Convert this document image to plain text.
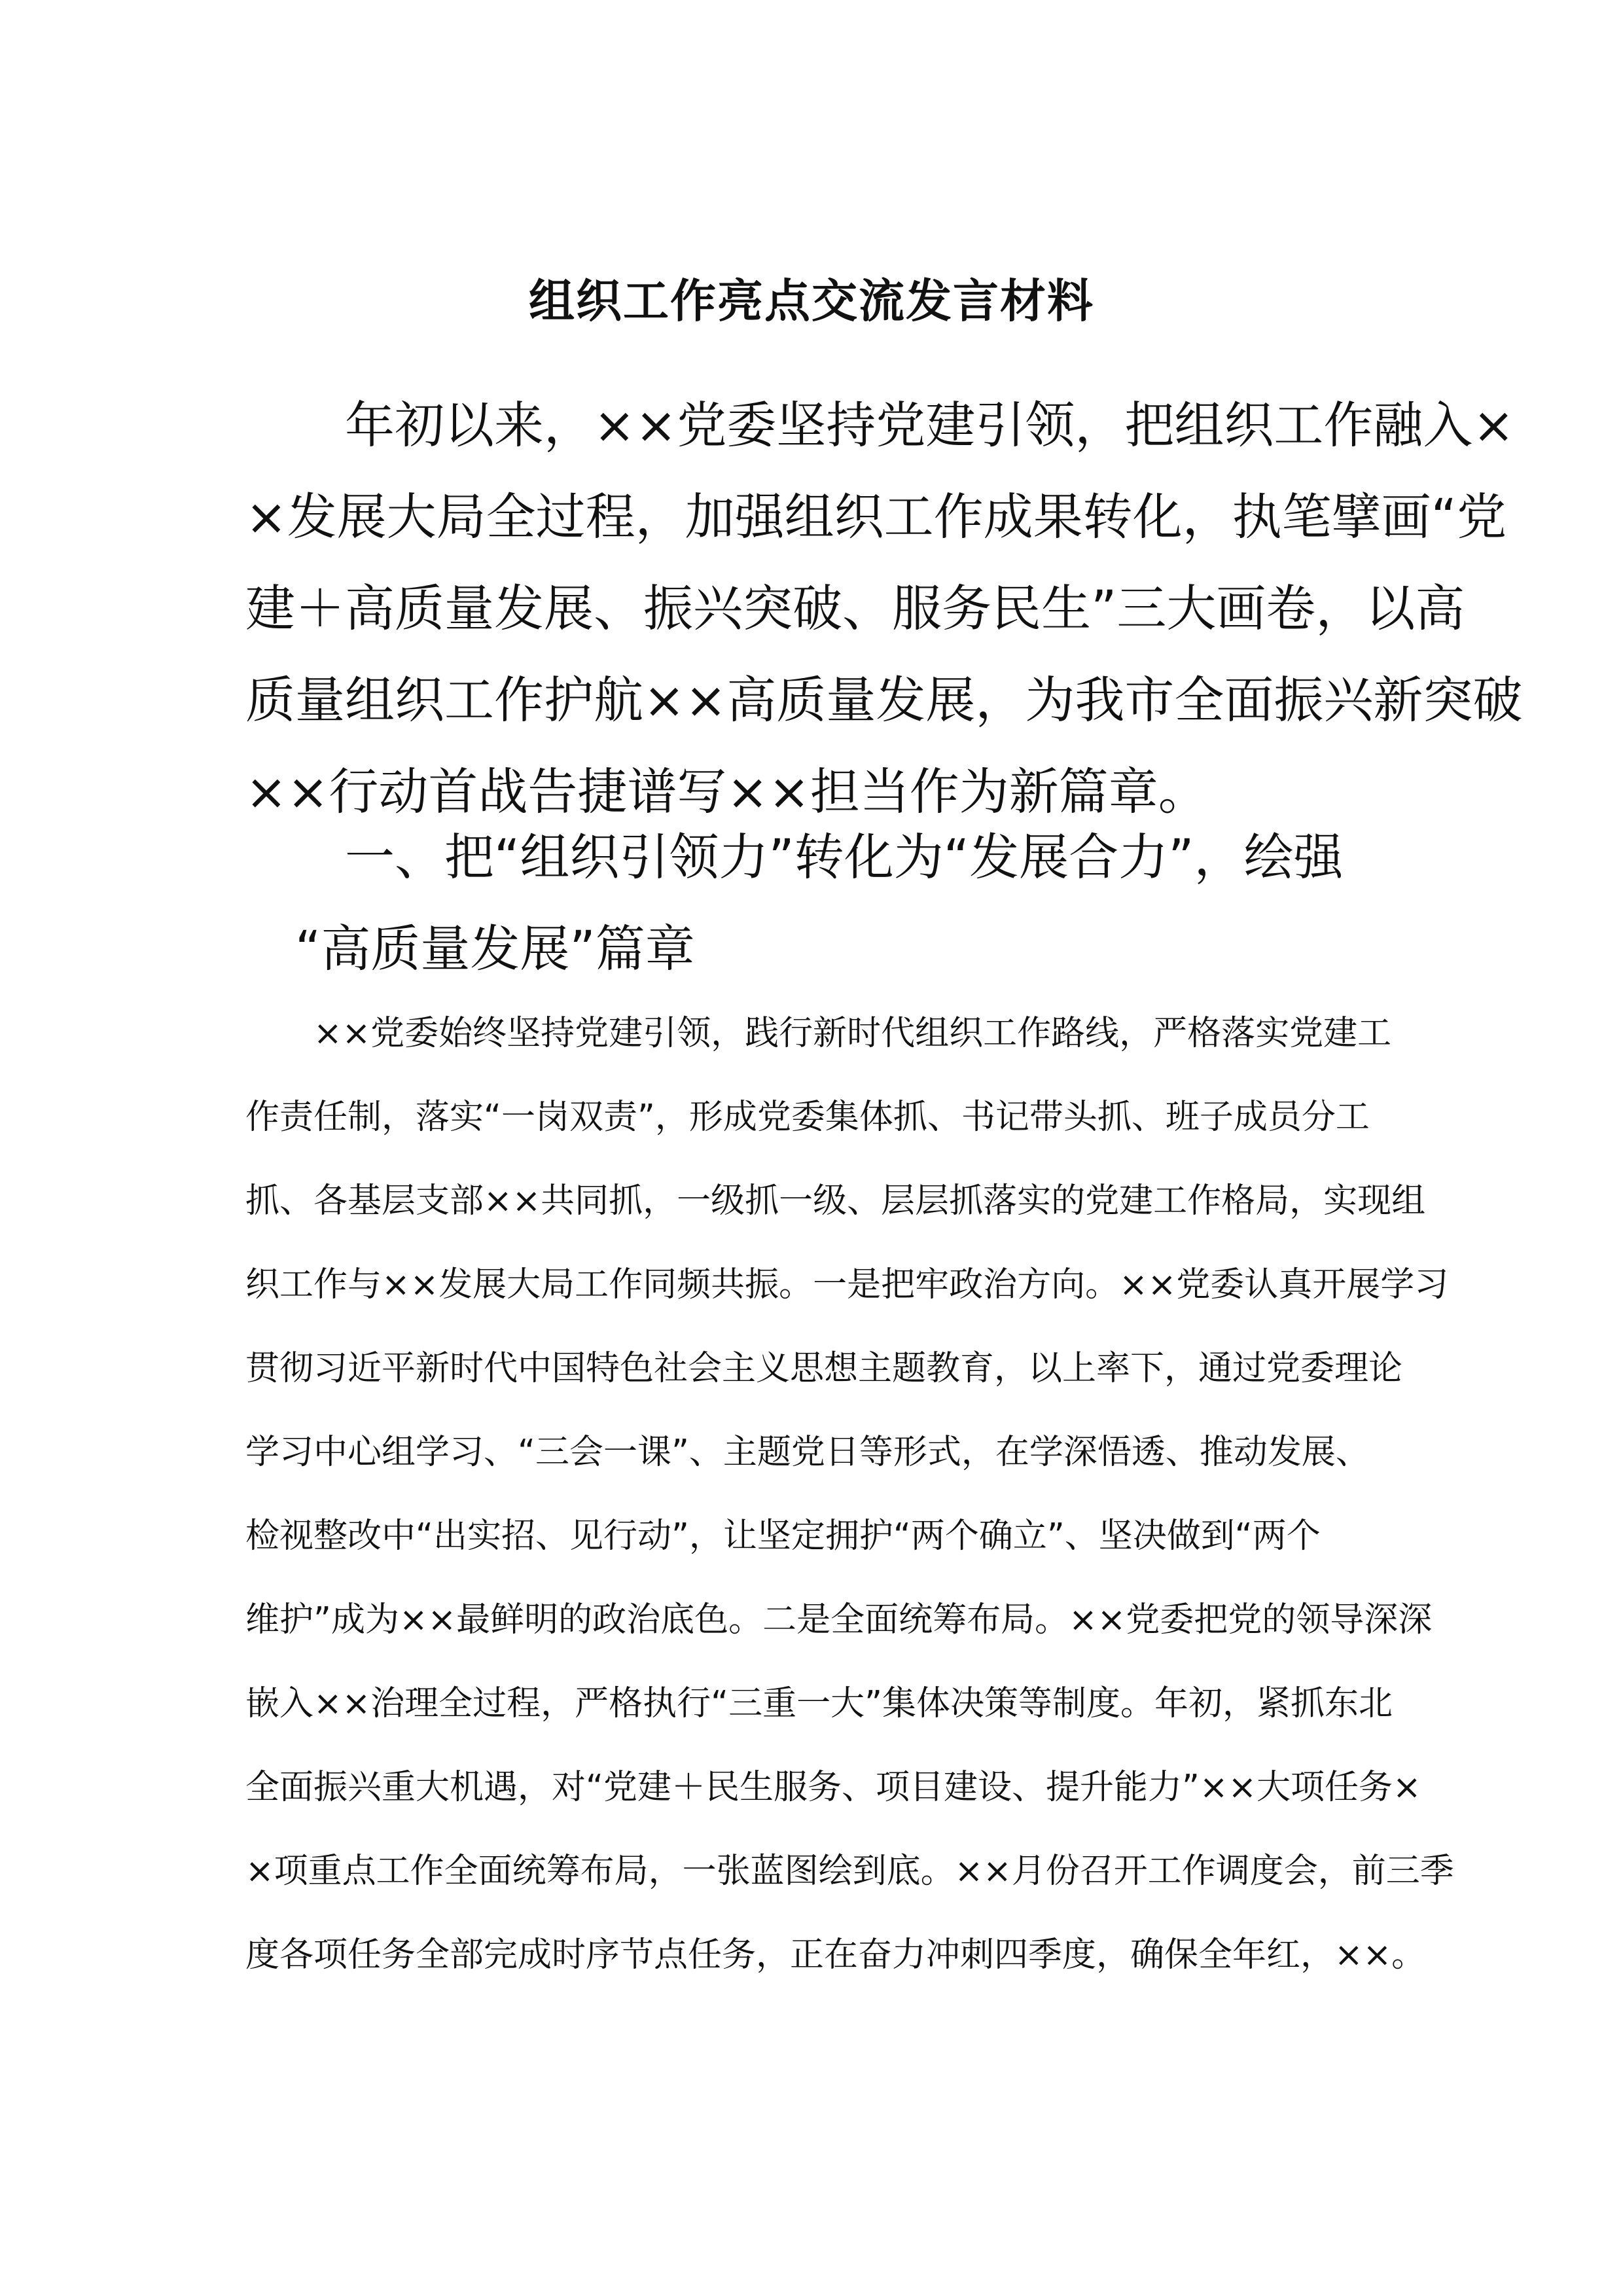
组织工作亮点交流发言材料
　　年初以来，××党委坚持党建引领，把组织工作融入×
×发展大局全过程，加强组织工作成果转化，执笔擘画“党
建＋高质量发展、振兴突破、服务民生”三大画卷，以高
质量组织工作护航××高质量发展，为我市全面振兴新突破
××行动首战告捷谱写××担当作为新篇章。
　　一、把“组织引领力”转化为“发展合力”，绘强
　“高质量发展”篇章
　　××党委始终坚持党建引领，践行新时代组织工作路线，严格落实党建工
作责任制，落实“一岗双责”，形成党委集体抓、书记带头抓、班子成员分工
抓、各基层支部××共同抓，一级抓一级、层层抓落实的党建工作格局，实现组
织工作与××发展大局工作同频共振。一是把牢政治方向。××党委认真开展学习
贯彻习近平新时代中国特色社会主义思想主题教育，以上率下，通过党委理论
学习中心组学习、“三会一课”、主题党日等形式，在学深悟透、推动发展、
检视整改中“出实招、见行动”，让坚定拥护“两个确立”、坚决做到“两个
维护”成为××最鲜明的政治底色。二是全面统筹布局。××党委把党的领导深深
嵌入××治理全过程，严格执行“三重一大”集体决策等制度。年初，紧抓东北
全面振兴重大机遇，对“党建＋民生服务、项目建设、提升能力”××大项任务×
×项重点工作全面统筹布局，一张蓝图绘到底。××月份召开工作调度会，前三季
度各项任务全部完成时序节点任务，正在奋力冲刺四季度，确保全年红，××。
